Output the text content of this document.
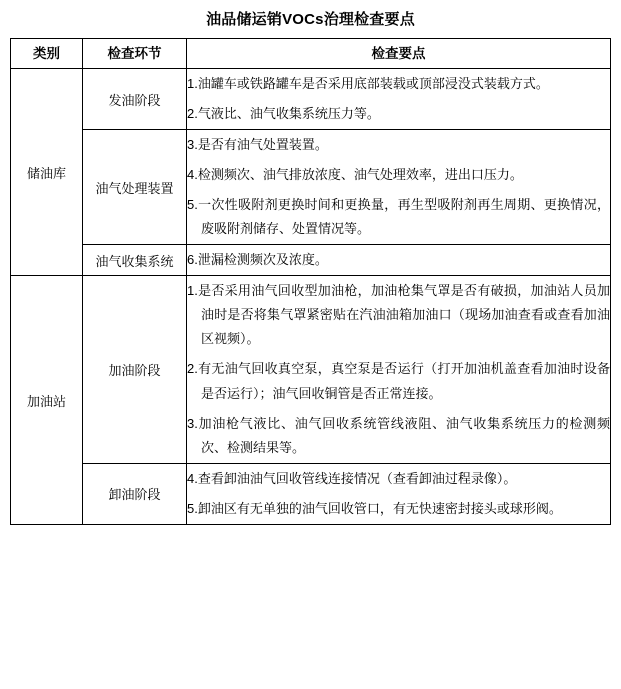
油品储运销VOCs治理检查要点
类别	检查环节	检查要点
储油库	发油阶段	1.油罐车或铁路罐车是否采用底部装载或顶部浸没式装载方式。

2.气液比、油气收集系统压力等。

	油气处理装置	3.是否有油气处置装置。

4.检测频次、油气排放浓度、油气处理效率，进出口压力。

5.一次性吸附剂更换时间和更换量，再生型吸附剂再生周期、更换情况，废吸附剂储存、处置情况等。

	油气收集系统	6.泄漏检测频次及浓度。

加油站	加油阶段	1.是否采用油气回收型加油枪，加油枪集气罩是否有破损，加油站人员加油时是否将集气罩紧密贴在汽油油箱加油口（现场加油查看或查看加油区视频）。

2.有无油气回收真空泵，真空泵是否运行（打开加油机盖查看加油时设备是否运行）；油气回收铜管是否正常连接。

3.加油枪气液比、油气回收系统管线液阻、油气收集系统压力的检测频次、检测结果等。

	卸油阶段	4.查看卸油油气回收管线连接情况（查看卸油过程录像）。

5.卸油区有无单独的油气回收管口，有无快速密封接头或球形阀。
